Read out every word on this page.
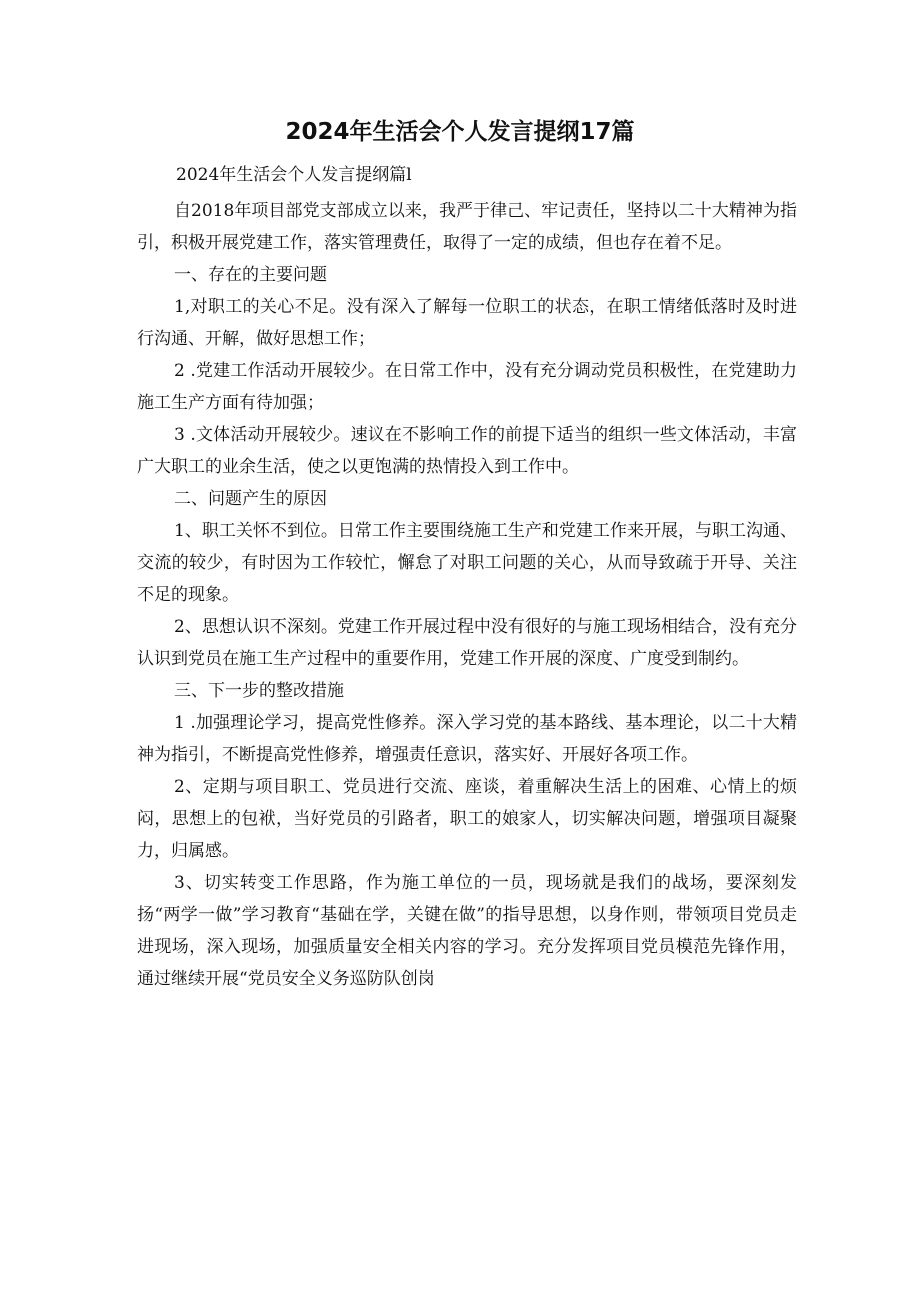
2024年生活会个人发言提纲17篇

2024年生活会个人发言提纲篇l

自2018年项目部党支部成立以来，我严于律己、牢记责任，坚持以二十大精神为指引，积极开展党建工作，落实管理费任，取得了一定的成绩，但也存在着不足。

一、存在的主要问题

1,对职工的关心不足。没有深入了解每一位职工的状态，在职工情绪低落时及时进行沟通、开解，做好思想工作；

2 .党建工作活动开展较少。在日常工作中，没有充分调动党员积极性，在党建助力施工生产方面有待加强；

3 .文体活动开展较少。速议在不影响工作的前提下适当的组织一些文体活动，丰富广大职工的业余生活，使之以更饱满的热情投入到工作中。

二、问题产生的原因

1、职工关怀不到位。日常工作主要围绕施工生产和党建工作来开展，与职工沟通、交流的较少，有时因为工作较忙，懈怠了对职工问题的关心，从而导致疏于开导、关注不足的现象。

2、思想认识不深刻。党建工作开展过程中没有很好的与施工现场相结合，没有充分认识到党员在施工生产过程中的重要作用，党建工作开展的深度、广度受到制约。

三、下一步的整改措施

1 .加强理论学习，提高党性修养。深入学习党的基本路线、基本理论，以二十大精神为指引，不断提高党性修养，增强责任意识，落实好、开展好各项工作。

2、定期与项目职工、党员进行交流、座谈，着重解决生活上的困难、心情上的烦闷，思想上的包袱，当好党员的引路者，职工的娘家人，切实解决问题，增强项目凝聚力，归属感。

3、切实转变工作思路，作为施工单位的一员，现场就是我们的战场，要深刻发扬“两学一做”学习教育“基础在学，关键在做”的指导思想，以身作则，带领项目党员走进现场，深入现场，加强质量安全相关内容的学习。充分发挥项目党员模范先锋作用，通过继续开展“党员安全义务巡防队创岗
